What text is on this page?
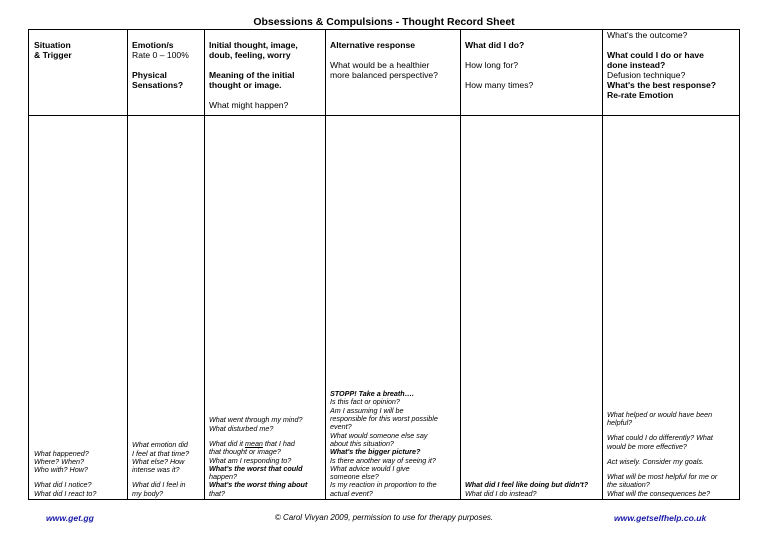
Obsessions & Compulsions - Thought Record Sheet
Situation
& Trigger
What happened?
Where? When?
Who with? How?
What did I notice?
What did I react to?
Emotion/s
Rate 0 – 100%
Physical
Sensations?
What emotion did
I feel at that time?
What else? How
intense was it?
What did I feel in
my body?
Initial thought, image,
doub, feeling, worry
Meaning of the initial
thought or image.
What might happen?
What went through my mind?
What disturbed me?
What did it mean that I had
that thought or image?
What am I responding to?
What's the worst that could
happen?
What's the worst thing about
that?
Alternative response
What would be a healthier
more balanced perspective?
STOPP! Take a breath….
Is this fact or opinion?
Am I assuming I will be
responsible for this worst possible
event?
What would someone else say
about this situation?
What's the bigger picture?
Is there another way of seeing it?
What advice would I give
someone else?
Is my reaction in proportion to the
actual event?
What did I do?
How long for?
How many times?
What did I feel like doing but didn't?
What did I do instead?
What's the outcome?
What could I do or have
done instead?
Defusion technique?
What's the best response?
Re-rate Emotion
What helped or would have been
helpful?
What could I do differently? What
would be more effective?
Act wisely. Consider my goals.
What will be most helpful for me or
the situation?
What will the consequences be?
www.get.gg	© Carol Vivyan 2009, permission to use for therapy purposes.	www.getselfhelp.co.uk
